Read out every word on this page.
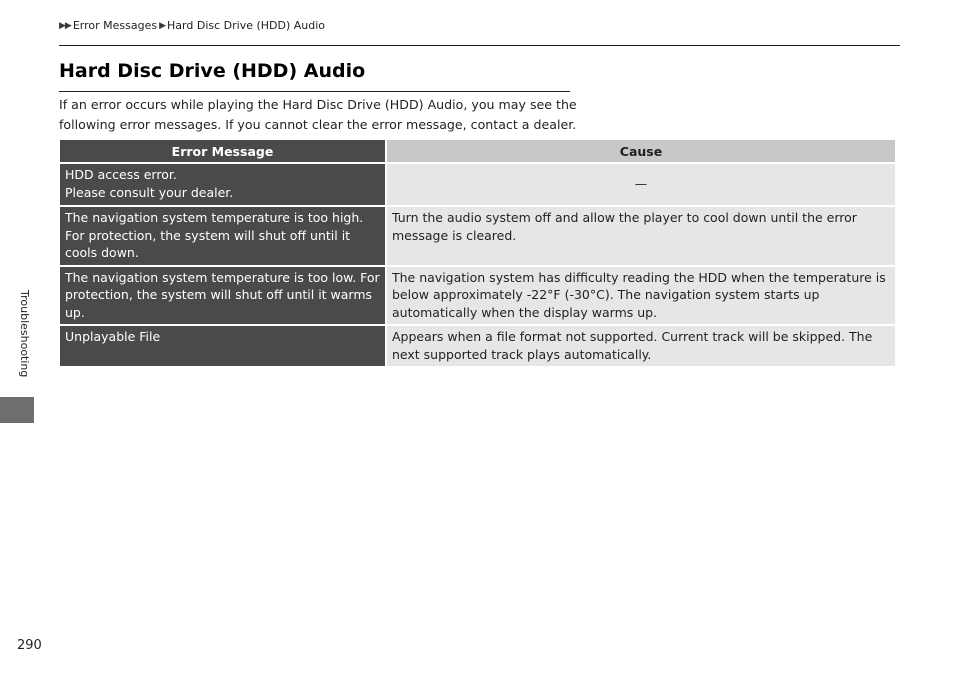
▶▶ Error Messages ▶ Hard Disc Drive (HDD) Audio
Hard Disc Drive (HDD) Audio

If an error occurs while playing the Hard Disc Drive (HDD) Audio, you may see the following error messages. If you cannot clear the error message, contact a dealer.

Error Message	Cause

HDD access error.
Please consult your dealer.	—
The navigation system temperature is too high. For protection, the system will shut off until it cools down.	Turn the audio system off and allow the player to cool down until the error message is cleared.
The navigation system temperature is too low. For protection, the system will shut off until it warms up.	The navigation system has difficulty reading the HDD when the temperature is below approximately -22°F (-30°C). The navigation system starts up automatically when the display warms up.
Unplayable File	Appears when a file format not supported. Current track will be skipped. The next supported track plays automatically.
Troubleshooting
290
